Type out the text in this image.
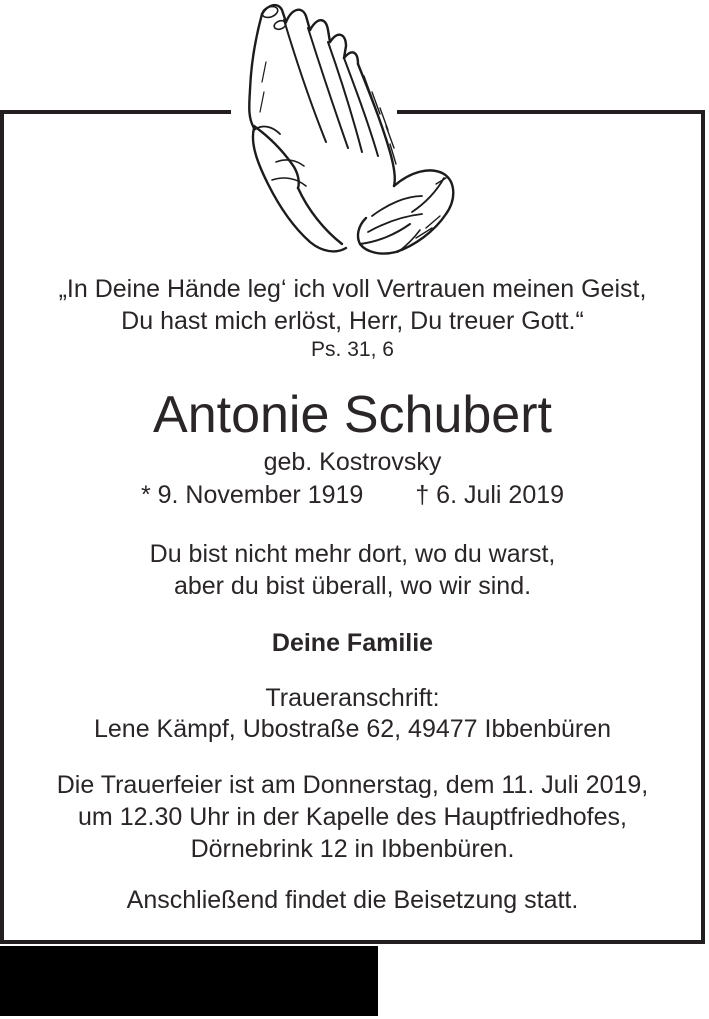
„In Deine Hände leg‘ ich voll Vertrauen meinen Geist,
Du hast mich erlöst, Herr, Du treuer Gott.“
Ps. 31, 6
Antonie Schubert
geb. Kostrovsky
* 9. November 1919 † 6. Juli 2019
Du bist nicht mehr dort, wo du warst,
aber du bist überall, wo wir sind.
Deine Familie
Traueranschrift:
Lene Kämpf, Ubostraße 62, 49477 Ibbenbüren
Die Trauerfeier ist am Donnerstag, dem 11. Juli 2019,
um 12.30 Uhr in der Kapelle des Hauptfriedhofes,
Dörnebrink 12 in Ibbenbüren.
Anschließend findet die Beisetzung statt.
